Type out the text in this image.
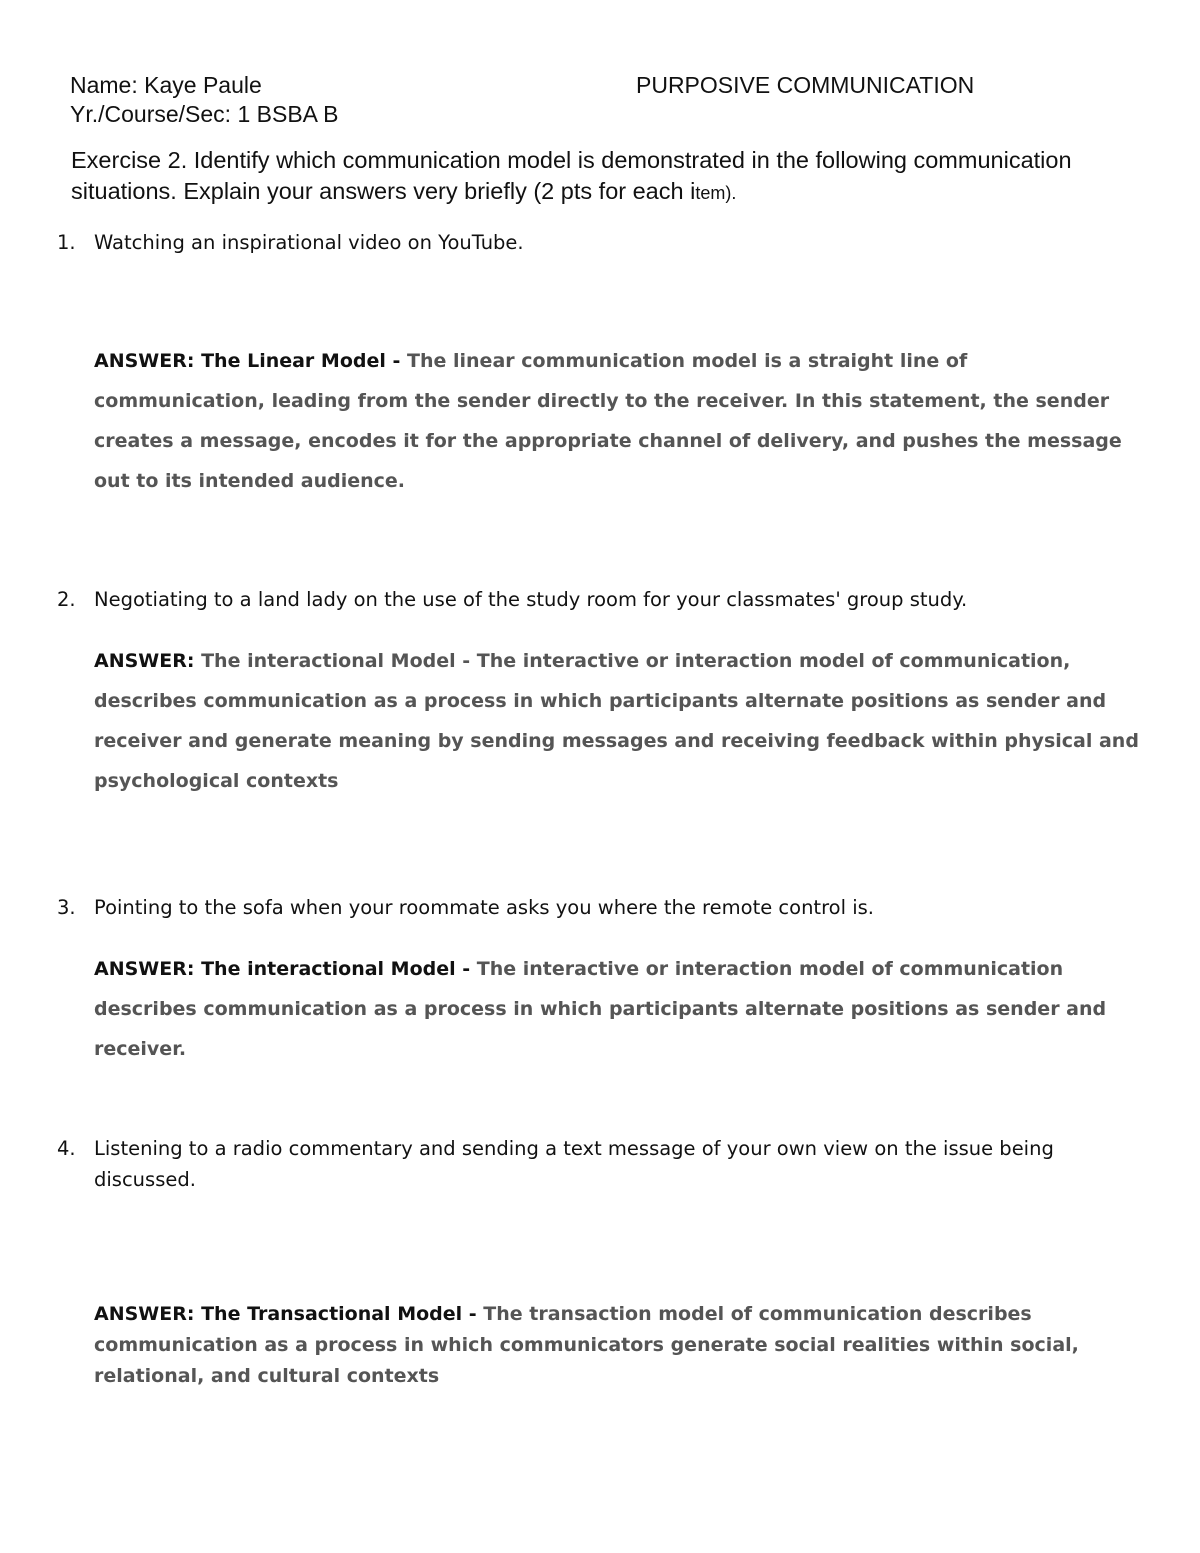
Name: Kaye Paule	PURPOSIVE COMMUNICATION
Yr./Course/Sec: 1 BSBA B
Exercise 2. Identify which communication model is demonstrated in the following communication situations. Explain your answers very briefly (2 pts for each item).
1. Watching an inspirational video on YouTube.
ANSWER: The Linear Model - The linear communication model is a straight line of communication, leading from the sender directly to the receiver. In this statement, the sender creates a message, encodes it for the appropriate channel of delivery, and pushes the message out to its intended audience.
2. Negotiating to a land lady on the use of the study room for your classmates' group study.
ANSWER: The interactional Model - The interactive or interaction model of communication, describes communication as a process in which participants alternate positions as sender and receiver and generate meaning by sending messages and receiving feedback within physical and psychological contexts
3. Pointing to the sofa when your roommate asks you where the remote control is.
ANSWER: The interactional Model - The interactive or interaction model of communication describes communication as a process in which participants alternate positions as sender and receiver.
4. Listening to a radio commentary and sending a text message of your own view on the issue being discussed.
ANSWER: The Transactional Model - The transaction model of communication describes communication as a process in which communicators generate social realities within social, relational, and cultural contexts
